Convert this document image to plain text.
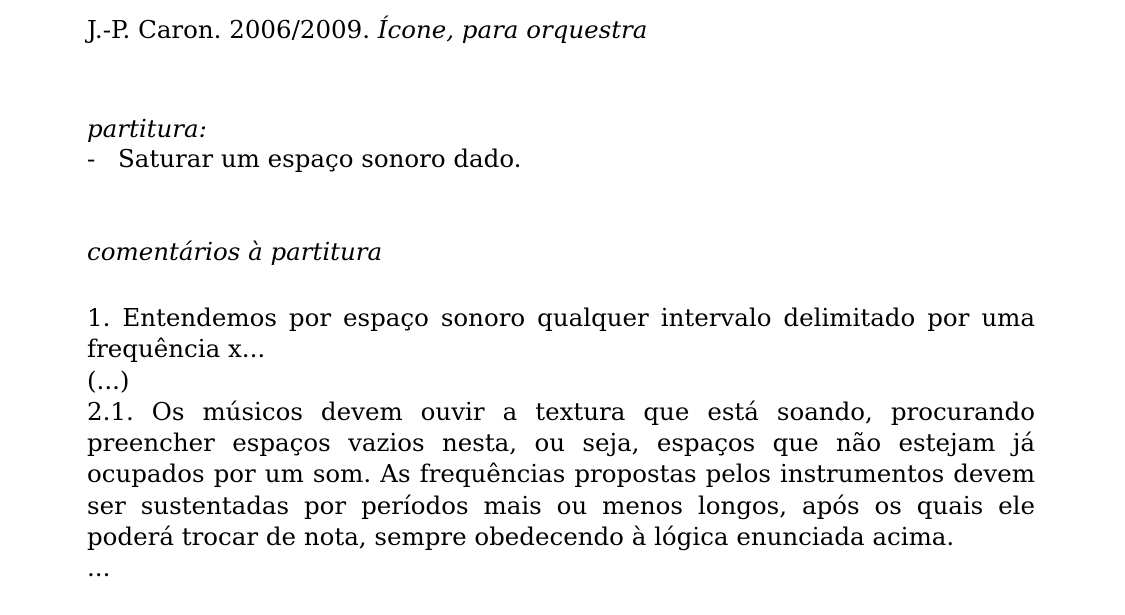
J.-P. Caron. 2006/2009. Ícone, para orquestra
partitura:
- Saturar um espaço sonoro dado.
comentários à partitura

1. Entendemos por espaço sonoro qualquer intervalo delimitado por uma frequência x...

(...)

2.1. Os músicos devem ouvir a textura que está soando, procurando preencher espaços vazios nesta, ou seja, espaços que não estejam já ocupados por um som. As frequências propostas pelos instrumentos devem ser sustentadas por períodos mais ou menos longos, após os quais ele poderá trocar de nota, sempre obedecendo à lógica enunciada acima.

...
